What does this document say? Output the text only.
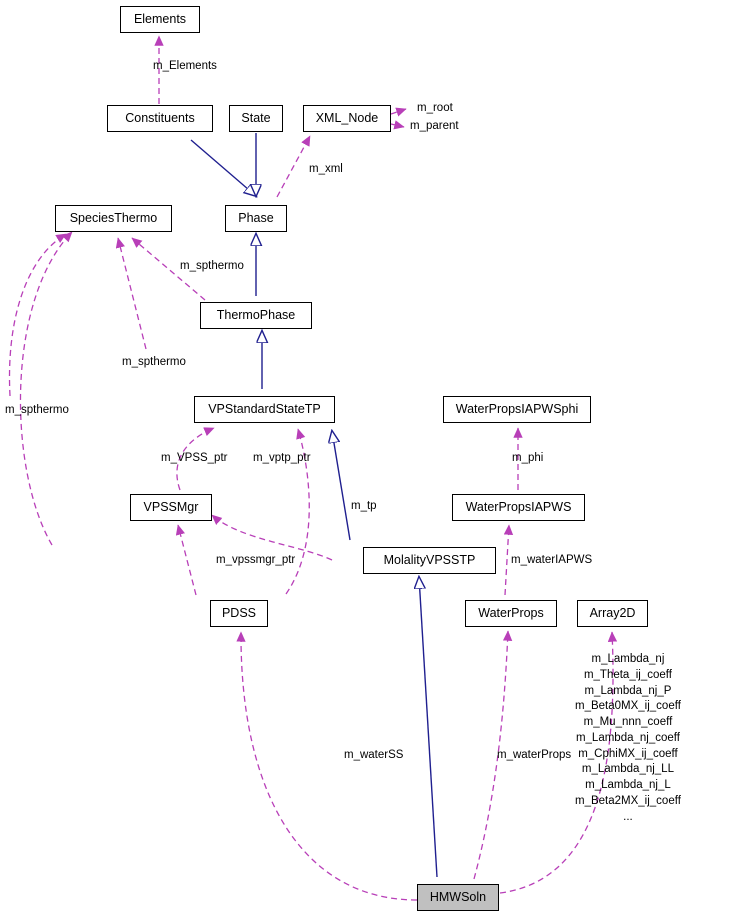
Elements
Constituents	State	XML_Node
SpeciesThermo	Phase
ThermoPhase
VPStandardStateTP	WaterPropsIAPWSphi
VPSSMgr	WaterPropsIAPWS
MolalityVPSSTP
PDSS	WaterProps	Array2D
HMWSoln
m_Elements
m_root
m_parent
m_xml
m_spthermo
m_spthermo
m_spthermo
m_VPSS_ptr m_vptp_ptr	m_phi
m_tp
m_vpssmgr_ptr	m_waterIAPWS
m_waterSS	m_waterProps
m_Lambda_nj
m_Theta_ij_coeff
m_Lambda_nj_P
m_Beta0MX_ij_coeff
m_Mu_nnn_coeff
m_Lambda_nj_coeff
m_CphiMX_ij_coeff
m_Lambda_nj_LL
m_Lambda_nj_L
m_Beta2MX_ij_coeff
...
